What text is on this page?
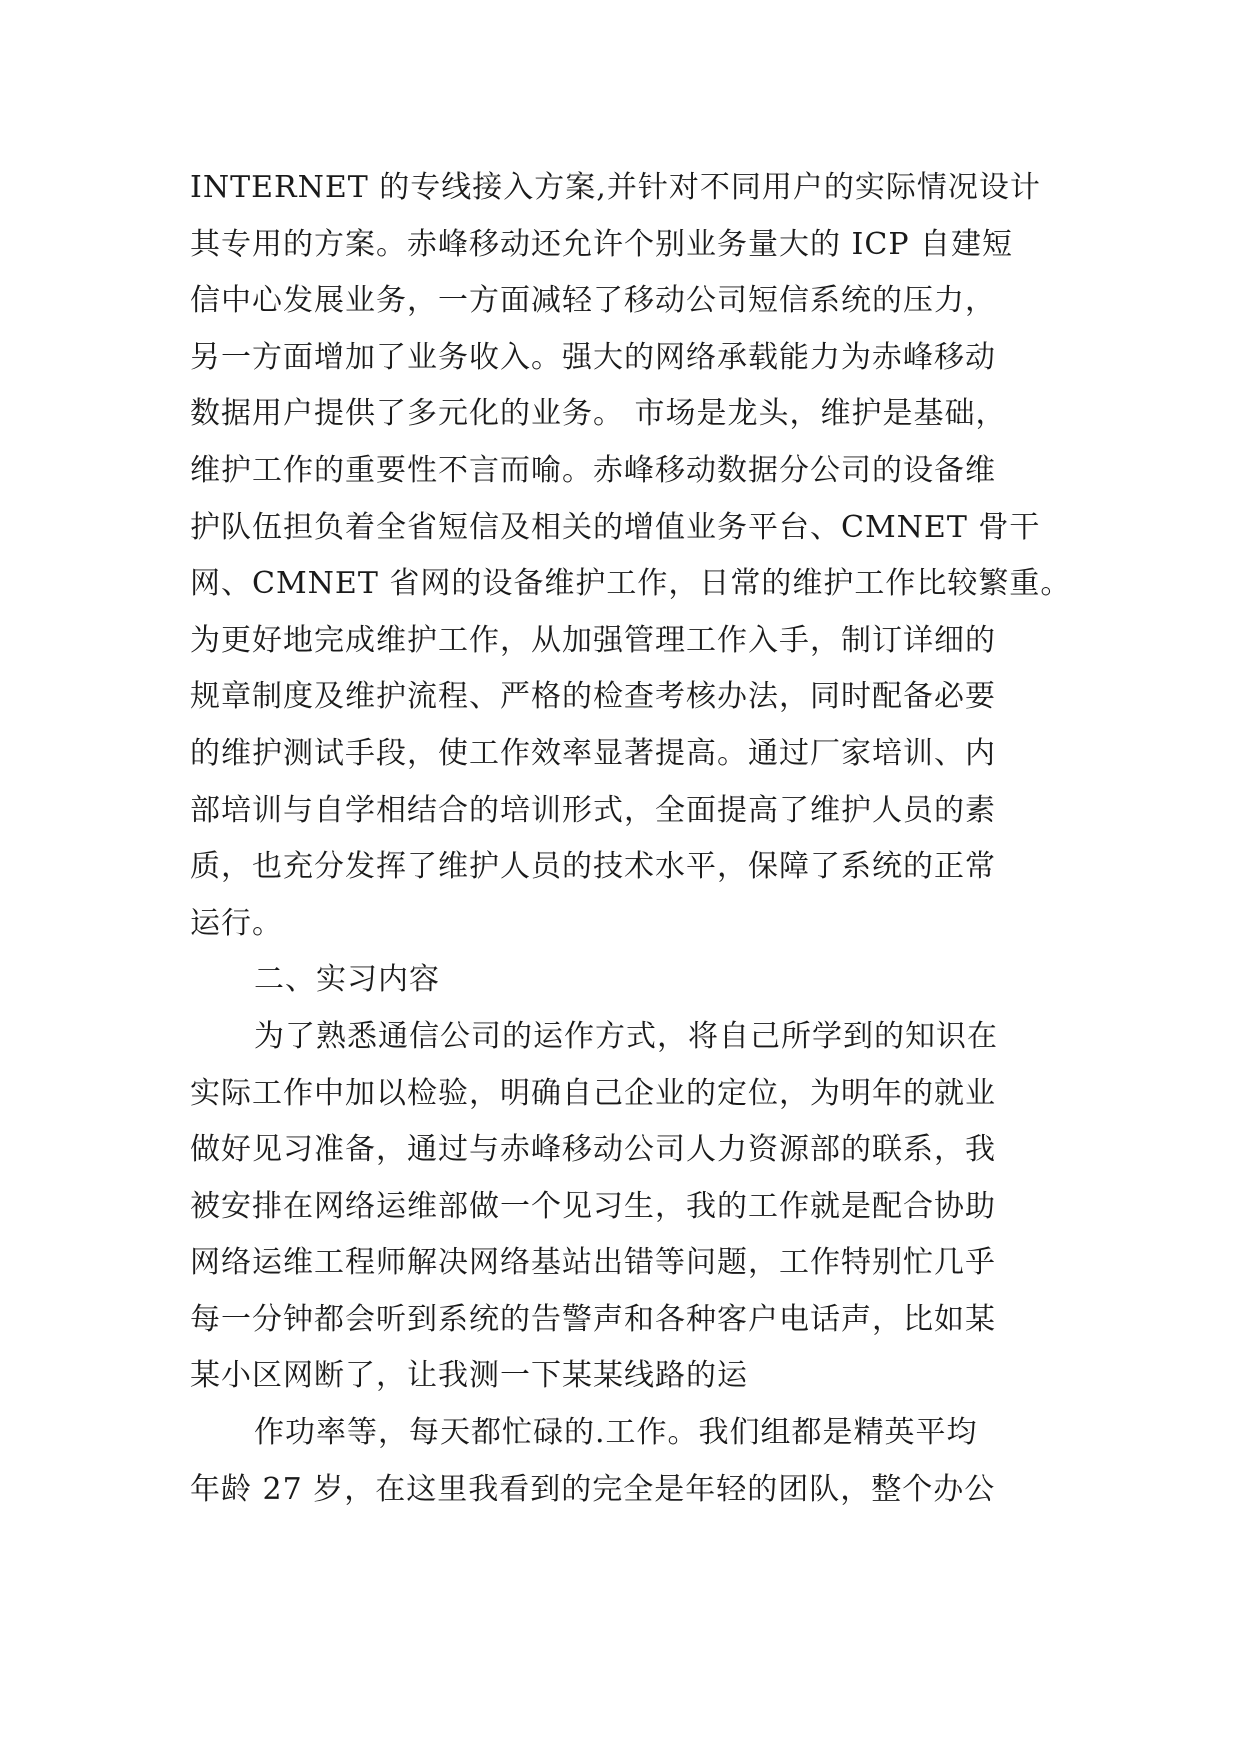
INTERNET 的专线接入方案,并针对不同用户的实际情况设计
其专用的方案。赤峰移动还允许个别业务量大的 ICP 自建短
信中心发展业务，一方面减轻了移动公司短信系统的压力，
另一方面增加了业务收入。强大的网络承载能力为赤峰移动
数据用户提供了多元化的业务。 市场是龙头，维护是基础，
维护工作的重要性不言而喻。赤峰移动数据分公司的设备维
护队伍担负着全省短信及相关的增值业务平台、CMNET 骨干
网、CMNET 省网的设备维护工作，日常的维护工作比较繁重。
为更好地完成维护工作，从加强管理工作入手，制订详细的
规章制度及维护流程、严格的检查考核办法，同时配备必要
的维护测试手段，使工作效率显著提高。通过厂家培训、内
部培训与自学相结合的培训形式，全面提高了维护人员的素
质，也充分发挥了维护人员的技术水平，保障了系统的正常
运行。
二、实习内容
为了熟悉通信公司的运作方式，将自己所学到的知识在
实际工作中加以检验，明确自己企业的定位，为明年的就业
做好见习准备，通过与赤峰移动公司人力资源部的联系，我
被安排在网络运维部做一个见习生，我的工作就是配合协助
网络运维工程师解决网络基站出错等问题，工作特别忙几乎
每一分钟都会听到系统的告警声和各种客户电话声，比如某
某小区网断了，让我测一下某某线路的运
作功率等，每天都忙碌的.工作。我们组都是精英平均
年龄 27 岁，在这里我看到的完全是年轻的团队，整个办公
